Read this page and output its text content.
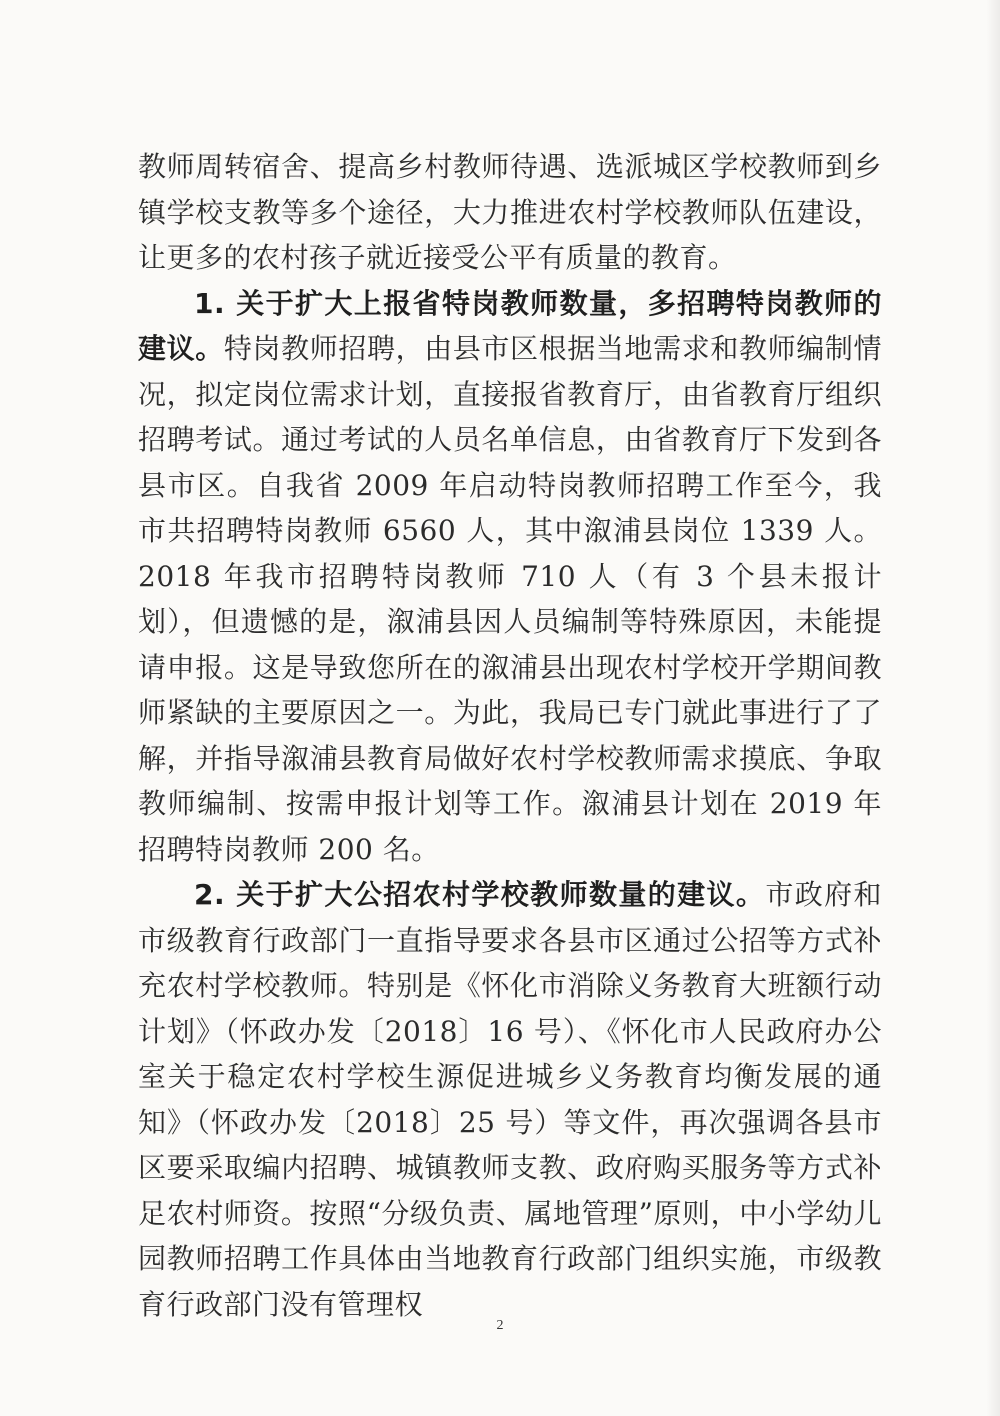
教师周转宿舍、提高乡村教师待遇、选派城区学校教师到乡镇学校支教等多个途径，大力推进农村学校教师队伍建设，让更多的农村孩子就近接受公平有质量的教育。

1. 关于扩大上报省特岗教师数量，多招聘特岗教师的建议。特岗教师招聘，由县市区根据当地需求和教师编制情况，拟定岗位需求计划，直接报省教育厅，由省教育厅组织招聘考试。通过考试的人员名单信息，由省教育厅下发到各县市区。自我省 2009 年启动特岗教师招聘工作至今，我市共招聘特岗教师 6560 人，其中溆浦县岗位 1339 人。2018 年我市招聘特岗教师 710 人（有 3 个县未报计划），但遗憾的是，溆浦县因人员编制等特殊原因，未能提请申报。这是导致您所在的溆浦县出现农村学校开学期间教师紧缺的主要原因之一。为此，我局已专门就此事进行了了解，并指导溆浦县教育局做好农村学校教师需求摸底、争取教师编制、按需申报计划等工作。溆浦县计划在 2019 年招聘特岗教师 200 名。

2. 关于扩大公招农村学校教师数量的建议。市政府和市级教育行政部门一直指导要求各县市区通过公招等方式补充农村学校教师。特别是《怀化市消除义务教育大班额行动计划》（怀政办发〔2018〕16 号）、《怀化市人民政府办公室关于稳定农村学校生源促进城乡义务教育均衡发展的通知》（怀政办发〔2018〕25 号）等文件，再次强调各县市区要采取编内招聘、城镇教师支教、政府购买服务等方式补足农村师资。按照“分级负责、属地管理”原则，中小学幼儿园教师招聘工作具体由当地教育行政部门组织实施，市级教育行政部门没有管理权

2
